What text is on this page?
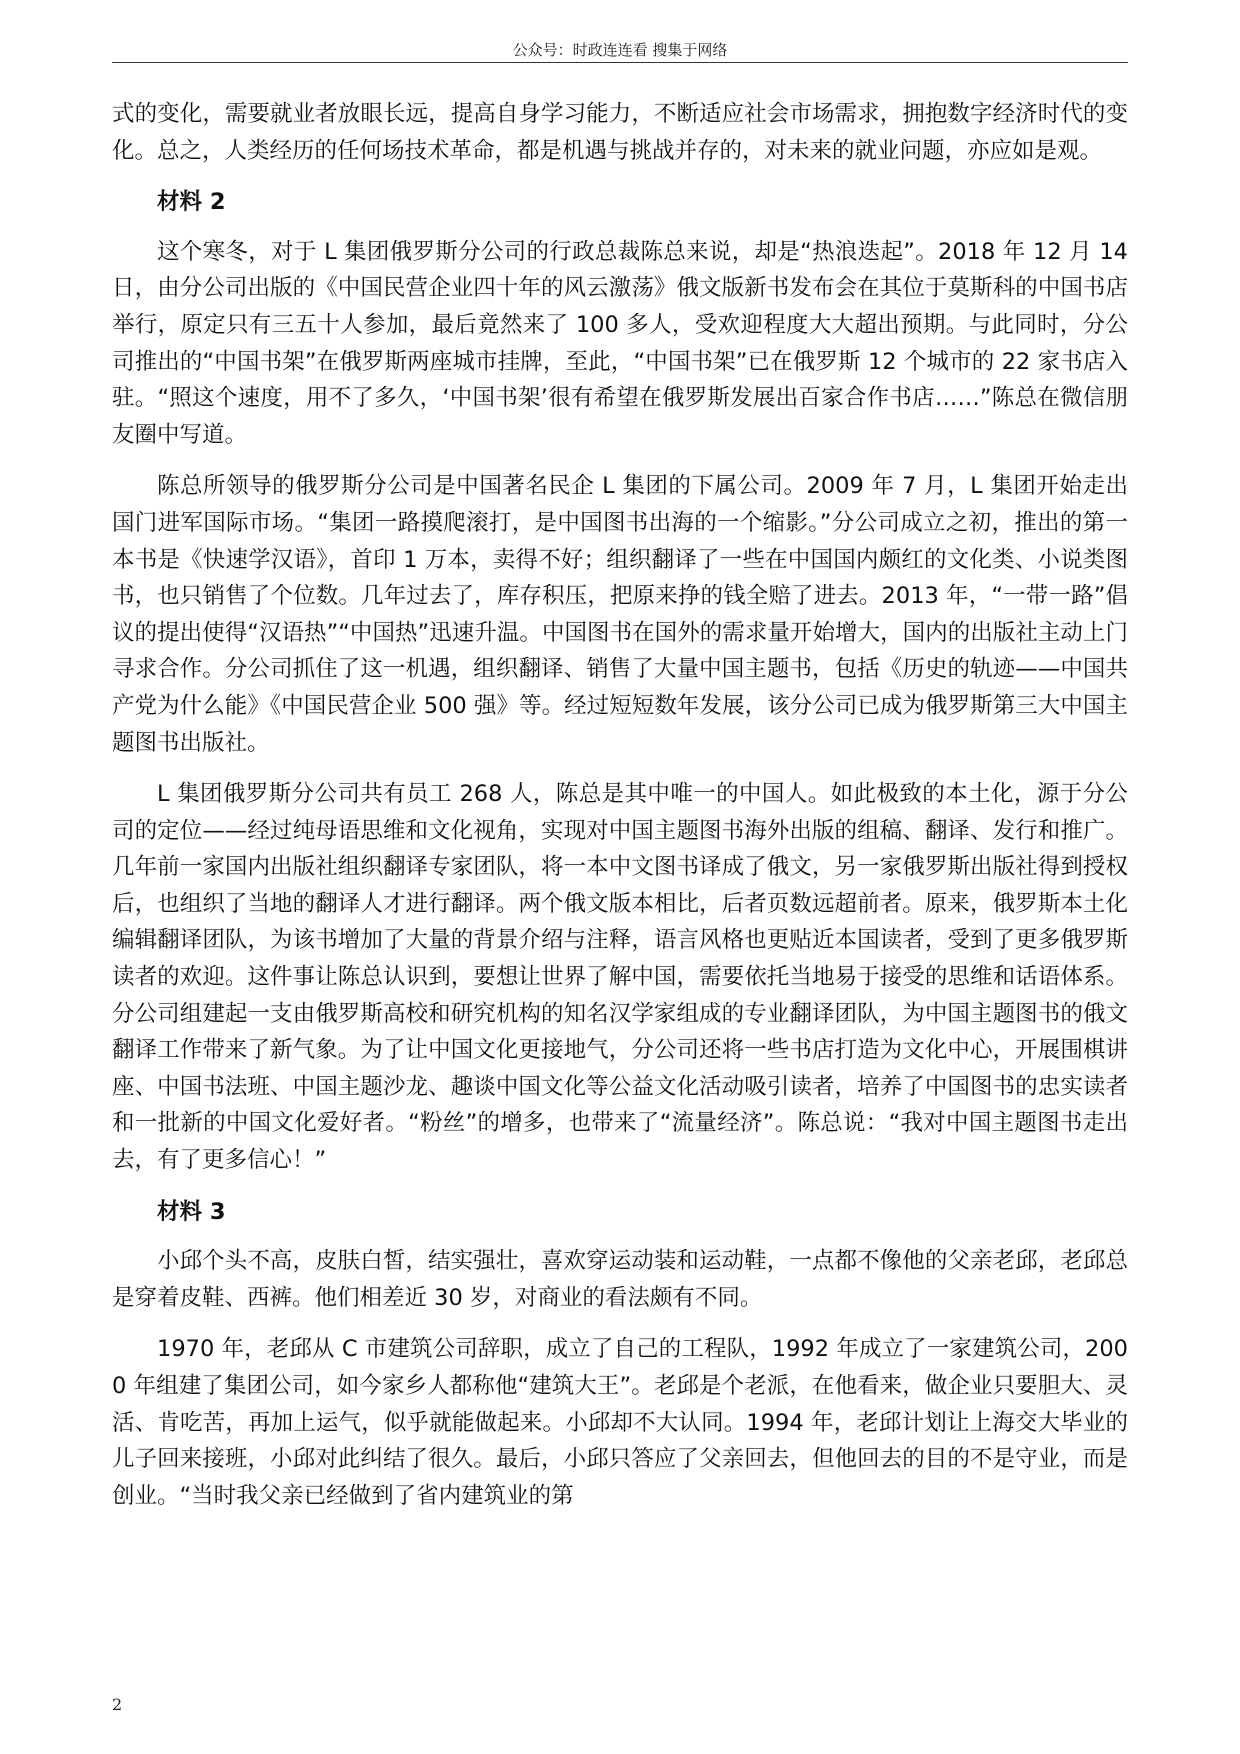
公众号：时政连连看 搜集于网络

式的变化，需要就业者放眼长远，提高自身学习能力，不断适应社会市场需求，拥抱数字经济时代的变化。总之，人类经历的任何场技术革命，都是机遇与挑战并存的，对未来的就业问题，亦应如是观。

材料 2

这个寒冬，对于 L 集团俄罗斯分公司的行政总裁陈总来说，却是“热浪迭起”。2018 年 12 月 14 日，由分公司出版的《中国民营企业四十年的风云激荡》俄文版新书发布会在其位于莫斯科的中国书店举行，原定只有三五十人参加，最后竟然来了 100 多人，受欢迎程度大大超出预期。与此同时，分公司推出的“中国书架”在俄罗斯两座城市挂牌，至此，“中国书架”已在俄罗斯 12 个城市的 22 家书店入驻。“照这个速度，用不了多久，‘中国书架’很有希望在俄罗斯发展出百家合作书店……”陈总在微信朋友圈中写道。

陈总所领导的俄罗斯分公司是中国著名民企 L 集团的下属公司。2009 年 7 月，L 集团开始走出国门进军国际市场。“集团一路摸爬滚打，是中国图书出海的一个缩影。”分公司成立之初，推出的第一本书是《快速学汉语》，首印 1 万本，卖得不好；组织翻译了一些在中国国内颇红的文化类、小说类图书，也只销售了个位数。几年过去了，库存积压，把原来挣的钱全赔了进去。2013 年，“一带一路”倡议的提出使得“汉语热”“中国热”迅速升温。中国图书在国外的需求量开始增大，国内的出版社主动上门寻求合作。分公司抓住了这一机遇，组织翻译、销售了大量中国主题书，包括《历史的轨迹——中国共产党为什么能》《中国民营企业 500 强》等。经过短短数年发展，该分公司已成为俄罗斯第三大中国主题图书出版社。

L 集团俄罗斯分公司共有员工 268 人，陈总是其中唯一的中国人。如此极致的本土化，源于分公司的定位——经过纯母语思维和文化视角，实现对中国主题图书海外出版的组稿、翻译、发行和推广。几年前一家国内出版社组织翻译专家团队，将一本中文图书译成了俄文，另一家俄罗斯出版社得到授权后，也组织了当地的翻译人才进行翻译。两个俄文版本相比，后者页数远超前者。原来，俄罗斯本土化编辑翻译团队，为该书增加了大量的背景介绍与注释，语言风格也更贴近本国读者，受到了更多俄罗斯读者的欢迎。这件事让陈总认识到，要想让世界了解中国，需要依托当地易于接受的思维和话语体系。分公司组建起一支由俄罗斯高校和研究机构的知名汉学家组成的专业翻译团队，为中国主题图书的俄文翻译工作带来了新气象。为了让中国文化更接地气，分公司还将一些书店打造为文化中心，开展围棋讲座、中国书法班、中国主题沙龙、趣谈中国文化等公益文化活动吸引读者，培养了中国图书的忠实读者和一批新的中国文化爱好者。“粉丝”的增多，也带来了“流量经济”。陈总说：“我对中国主题图书走出去，有了更多信心！”

材料 3

小邱个头不高，皮肤白皙，结实强壮，喜欢穿运动装和运动鞋，一点都不像他的父亲老邱，老邱总是穿着皮鞋、西裤。他们相差近 30 岁，对商业的看法颇有不同。

1970 年，老邱从 C 市建筑公司辞职，成立了自己的工程队，1992 年成立了一家建筑公司，2000 年组建了集团公司，如今家乡人都称他“建筑大王”。老邱是个老派，在他看来，做企业只要胆大、灵活、肯吃苦，再加上运气，似乎就能做起来。小邱却不大认同。1994 年，老邱计划让上海交大毕业的儿子回来接班，小邱对此纠结了很久。最后，小邱只答应了父亲回去，但他回去的目的不是守业，而是创业。“当时我父亲已经做到了省内建筑业的第

2
